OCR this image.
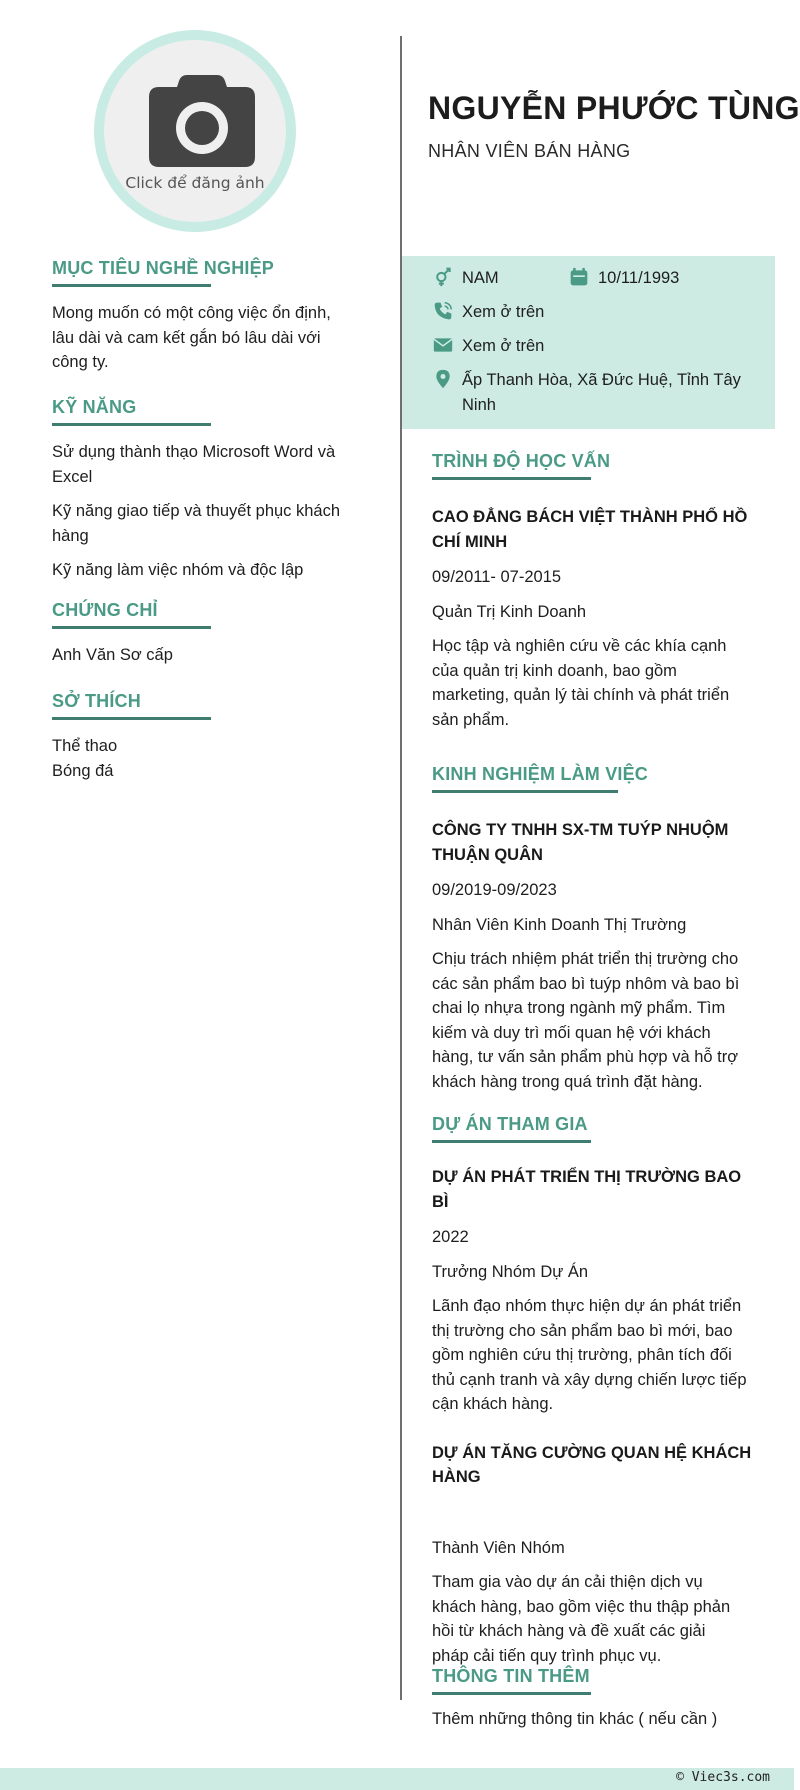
Click để đăng ảnh
MỤC TIÊU NGHỀ NGHIỆP
Mong muốn có một công việc ổn định,
lâu dài và cam kết gắn bó lâu dài với
công ty.
KỸ NĂNG
Sử dụng thành thạo Microsoft Word và
Excel
Kỹ năng giao tiếp và thuyết phục khách
hàng
Kỹ năng làm việc nhóm và độc lập
CHỨNG CHỈ
Anh Văn Sơ cấp
SỞ THÍCH
Thể thao
Bóng đá
NGUYỄN PHƯỚC TÙNG
NHÂN VIÊN BÁN HÀNG
NAM	10/11/1993
Xem ở trên
Xem ở trên
Ấp Thanh Hòa, Xã Đức Huệ, Tỉnh Tây
Ninh
TRÌNH ĐỘ HỌC VẤN
CAO ĐẲNG BÁCH VIỆT THÀNH PHỐ HỒ
CHÍ MINH
09/2011- 07-2015
Quản Trị Kinh Doanh
Học tập và nghiên cứu về các khía cạnh
của quản trị kinh doanh, bao gồm
marketing, quản lý tài chính và phát triển
sản phẩm.
KINH NGHIỆM LÀM VIỆC
CÔNG TY TNHH SX-TM TUÝP NHUỘM
THUẬN QUÂN
09/2019-09/2023
Nhân Viên Kinh Doanh Thị Trường
Chịu trách nhiệm phát triển thị trường cho
các sản phẩm bao bì tuýp nhôm và bao bì
chai lọ nhựa trong ngành mỹ phẩm. Tìm
kiếm và duy trì mối quan hệ với khách
hàng, tư vấn sản phẩm phù hợp và hỗ trợ
khách hàng trong quá trình đặt hàng.
DỰ ÁN THAM GIA
DỰ ÁN PHÁT TRIỂN THỊ TRƯỜNG BAO BÌ
2022
Trưởng Nhóm Dự Án
Lãnh đạo nhóm thực hiện dự án phát triển
thị trường cho sản phẩm bao bì mới, bao
gồm nghiên cứu thị trường, phân tích đối
thủ cạnh tranh và xây dựng chiến lược tiếp
cận khách hàng.
DỰ ÁN TĂNG CƯỜNG QUAN HỆ KHÁCH
HÀNG
Thành Viên Nhóm
Tham gia vào dự án cải thiện dịch vụ
khách hàng, bao gồm việc thu thập phản
hồi từ khách hàng và đề xuất các giải
pháp cải tiến quy trình phục vụ.
THÔNG TIN THÊM
Thêm những thông tin khác ( nếu cần )
© Viec3s.com
